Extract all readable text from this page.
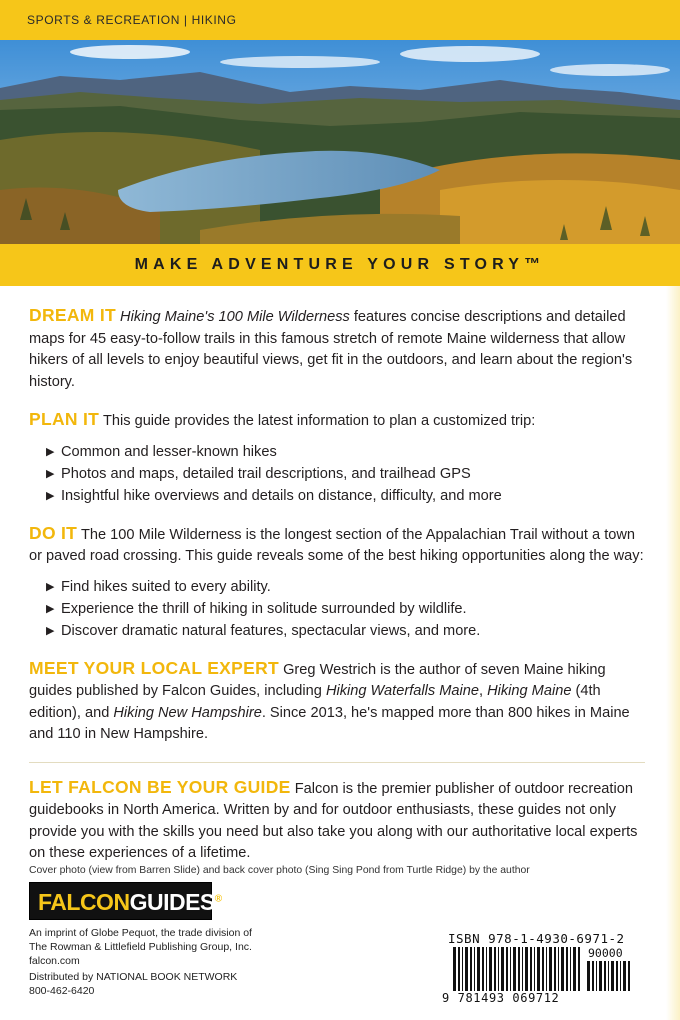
SPORTS & RECREATION | HIKING
MAKE ADVENTURE YOUR STORY™

DREAM IT Hiking Maine's 100 Mile Wilderness features concise descriptions and detailed maps for 45 easy-to-follow trails in this famous stretch of remote Maine wilderness that allow hikers of all levels to enjoy beautiful views, get fit in the outdoors, and learn about the region's history.

PLAN IT This guide provides the latest information to plan a customized trip:

▶ Common and lesser-known hikes
▶ Photos and maps, detailed trail descriptions, and trailhead GPS
▶ Insightful hike overviews and details on distance, difficulty, and more

DO IT The 100 Mile Wilderness is the longest section of the Appalachian Trail without a town or paved road crossing. This guide reveals some of the best hiking opportunities along the way:

▶ Find hikes suited to every ability.
▶ Experience the thrill of hiking in solitude surrounded by wildlife.
▶ Discover dramatic natural features, spectacular views, and more.

MEET YOUR LOCAL EXPERT Greg Westrich is the author of seven Maine hiking guides published by Falcon Guides, including Hiking Waterfalls Maine, Hiking Maine (4th edition), and Hiking New Hampshire. Since 2013, he's mapped more than 800 hikes in Maine and 110 in New Hampshire.

LET FALCON BE YOUR GUIDE Falcon is the premier publisher of outdoor recreation guidebooks in North America. Written by and for outdoor enthusiasts, these guides not only provide you with the skills you need but also take you along with our authoritative local experts on these experiences of a lifetime.

Cover photo (view from Barren Slide) and back cover photo (Sing Sing Pond from Turtle Ridge) by the author
FALCONGUIDES®
An imprint of Globe Pequot, the trade division of
The Rowman & Littlefield Publishing Group, Inc.
falcon.com
Distributed by NATIONAL BOOK NETWORK
800-462-6420
ISBN 978-1-4930-6971-2
90000
9 781493 069712
